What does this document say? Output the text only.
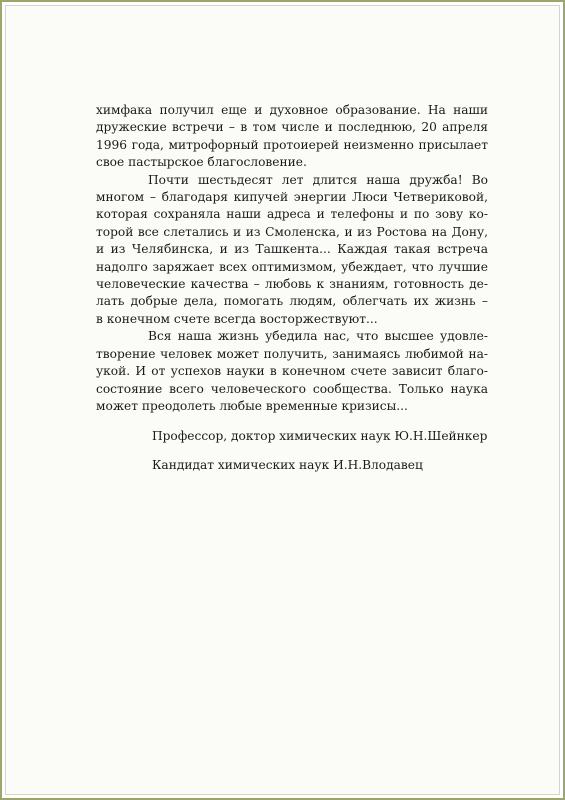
химфака получил еще и духовное образование. На наши
дружеские встречи – в том числе и последнюю, 20 апреля
1996 года, митрофорный протоиерей неизменно присылает
свое пастырское благословение.
Почти шестьдесят лет длится наша дружба! Во
многом – благодаря кипучей энергии Люси Четвериковой,
которая сохраняла наши адреса и телефоны и по зову ко-
торой все слетались и из Смоленска, и из Ростова на Дону,
и из Челябинска, и из Ташкента... Каждая такая встреча
надолго заряжает всех оптимизмом, убеждает, что лучшие
человеческие качества – любовь к знаниям, готовность де-
лать добрые дела, помогать людям, облегчать их жизнь –
в конечном счете всегда восторжествуют...
Вся наша жизнь убедила нас, что высшее удовле-
творение человек может получить, занимаясь любимой на-
укой. И от успехов науки в конечном счете зависит благо-
состояние всего человеческого сообщества. Только наука
может преодолеть любые временные кризисы...
Профессор, доктор химических наук Ю.Н.Шейнкер
Кандидат химических наук И.Н.Влодавец
